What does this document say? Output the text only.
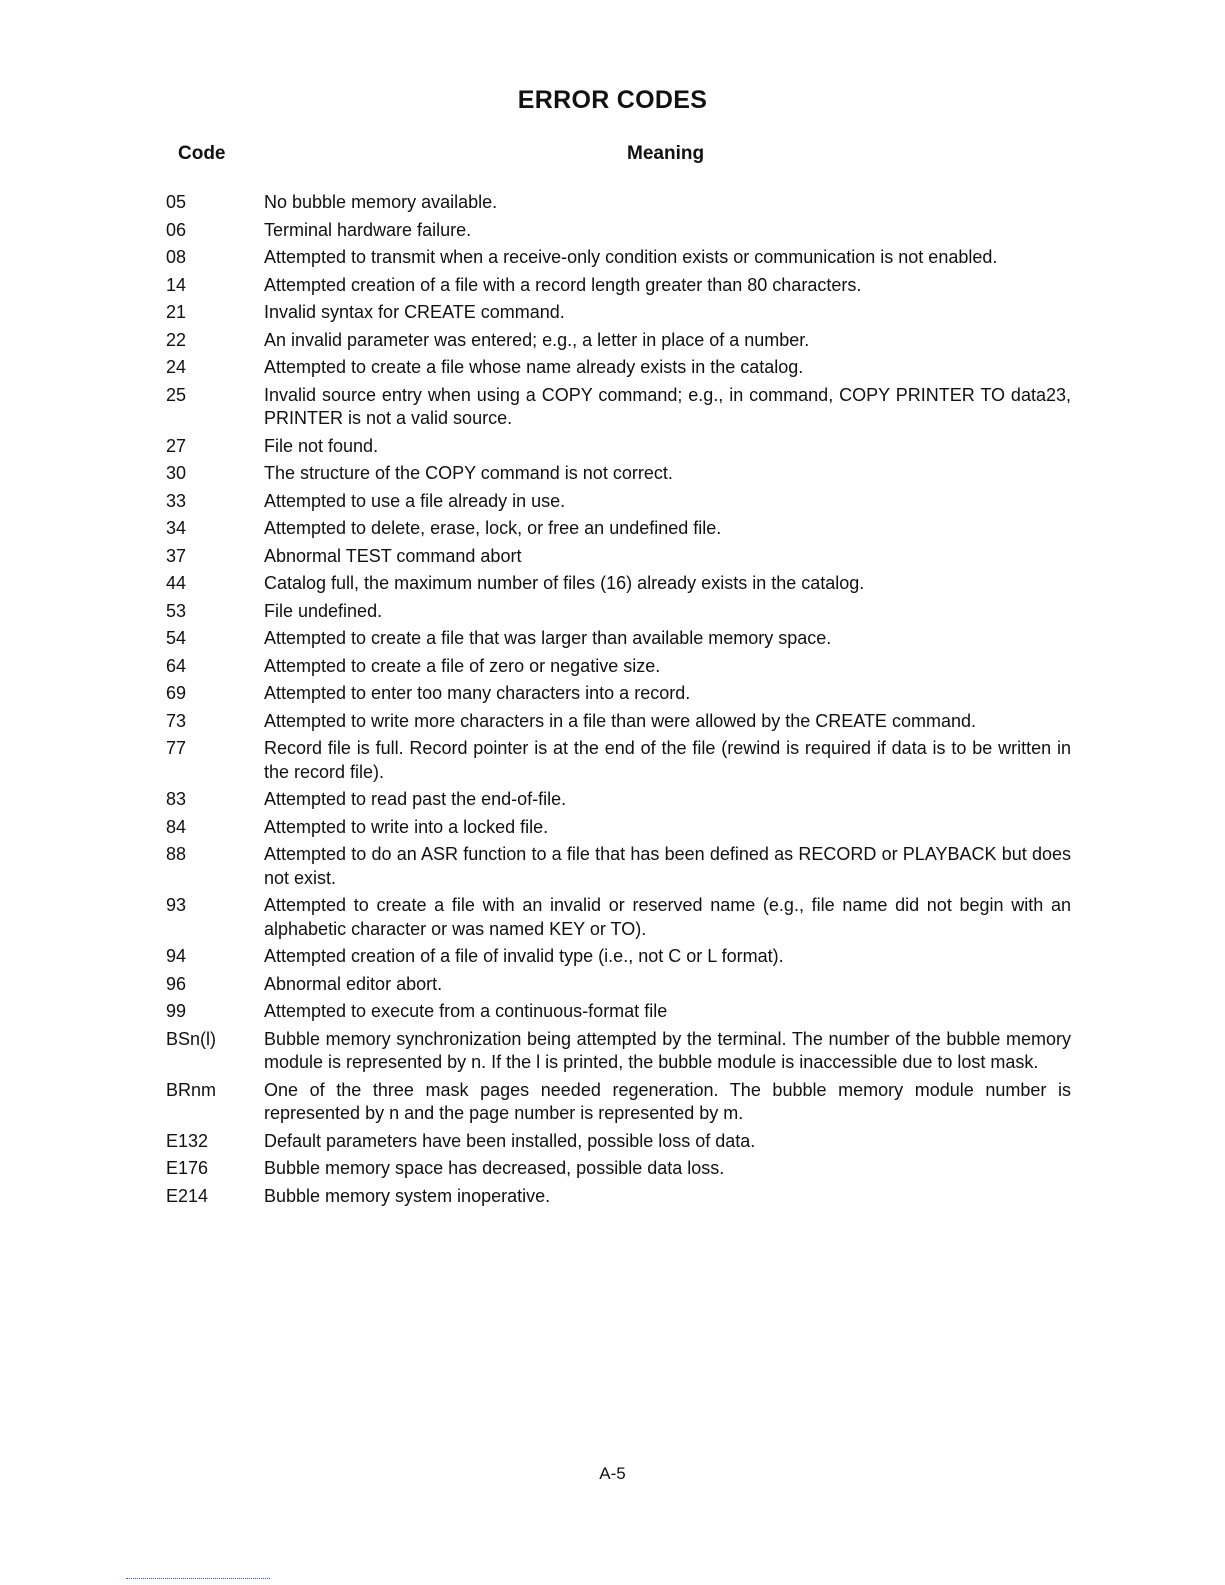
ERROR CODES
Code	Meaning
05	No bubble memory available.
06	Terminal hardware failure.
08	Attempted to transmit when a receive-only condition exists or communication is not enabled.
14	Attempted creation of a file with a record length greater than 80 characters.
21	Invalid syntax for CREATE command.
22	An invalid parameter was entered; e.g., a letter in place of a number.
24	Attempted to create a file whose name already exists in the catalog.
25	Invalid source entry when using a COPY command; e.g., in command, COPY PRINTER TO data23, PRINTER is not a valid source.
27	File not found.
30	The structure of the COPY command is not correct.
33	Attempted to use a file already in use.
34	Attempted to delete, erase, lock, or free an undefined file.
37	Abnormal TEST command abort
44	Catalog full, the maximum number of files (16) already exists in the catalog.
53	File undefined.
54	Attempted to create a file that was larger than available memory space.
64	Attempted to create a file of zero or negative size.
69	Attempted to enter too many characters into a record.
73	Attempted to write more characters in a file than were allowed by the CREATE command.
77	Record file is full. Record pointer is at the end of the file (rewind is required if data is to be written in the record file).
83	Attempted to read past the end-of-file.
84	Attempted to write into a locked file.
88	Attempted to do an ASR function to a file that has been defined as RECORD or PLAYBACK but does not exist.
93	Attempted to create a file with an invalid or reserved name (e.g., file name did not begin with an alphabetic character or was named KEY or TO).
94	Attempted creation of a file of invalid type (i.e., not C or L format).
96	Abnormal editor abort.
99	Attempted to execute from a continuous-format file
BSn(l)	Bubble memory synchronization being attempted by the terminal. The number of the bubble memory module is represented by n. If the l is printed, the bubble module is inaccessible due to lost mask.
BRnm	One of the three mask pages needed regeneration. The bubble memory module number is represented by n and the page number is represented by m.
E132	Default parameters have been installed, possible loss of data.
E176	Bubble memory space has decreased, possible data loss.
E214	Bubble memory system inoperative.
A-5
